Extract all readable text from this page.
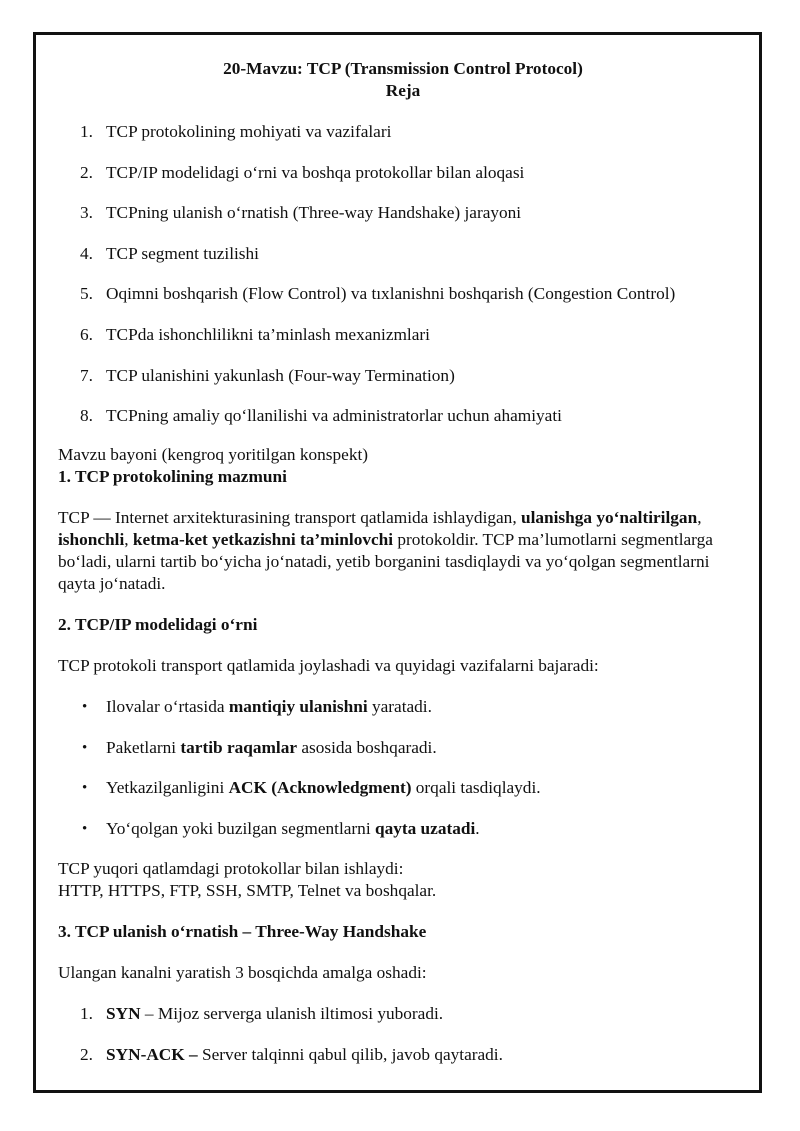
20-Mavzu: TCP (Transmission Control Protocol)
Reja
1. TCP protokolining mohiyati va vazifalari
2. TCP/IP modelidagi o‘rni va boshqa protokollar bilan aloqasi
3. TCPning ulanish o‘rnatish (Three-way Handshake) jarayoni
4. TCP segment tuzilishi
5. Oqimni boshqarish (Flow Control) va tıxlanishni boshqarish (Congestion Control)
6. TCPda ishonchlilikni ta’minlash mexanizmlari
7. TCP ulanishini yakunlash (Four-way Termination)
8. TCPning amaliy qo‘llanilishi va administratorlar uchun ahamiyati

Mavzu bayoni (kengroq yoritilgan konspekt)

1. TCP protokolining mazmuni

TCP — Internet arxitekturasining transport qatlamida ishlaydigan, ulanishga yo‘naltirilgan, ishonchli, ketma-ket yetkazishni ta’minlovchi protokoldir. TCP ma’lumotlarni segmentlarga bo‘ladi, ularni tartib bo‘yicha jo‘natadi, yetib borganini tasdiqlaydi va yo‘qolgan segmentlarni qayta jo‘natadi.

2. TCP/IP modelidagi o‘rni

TCP protokoli transport qatlamida joylashadi va quyidagi vazifalarni bajaradi:

• Ilovalar o‘rtasida mantiqiy ulanishni yaratadi.
• Paketlarni tartib raqamlar asosida boshqaradi.
• Yetkazilganligini ACK (Acknowledgment) orqali tasdiqlaydi.
• Yo‘qolgan yoki buzilgan segmentlarni qayta uzatadi.

TCP yuqori qatlamdagi protokollar bilan ishlaydi:

HTTP, HTTPS, FTP, SSH, SMTP, Telnet va boshqalar.

3. TCP ulanish o‘rnatish – Three-Way Handshake

Ulangan kanalni yaratish 3 bosqichda amalga oshadi:

1. SYN – Mijoz serverga ulanish iltimosi yuboradi.
2. SYN-ACK – Server talqinni qabul qilib, javob qaytaradi.
